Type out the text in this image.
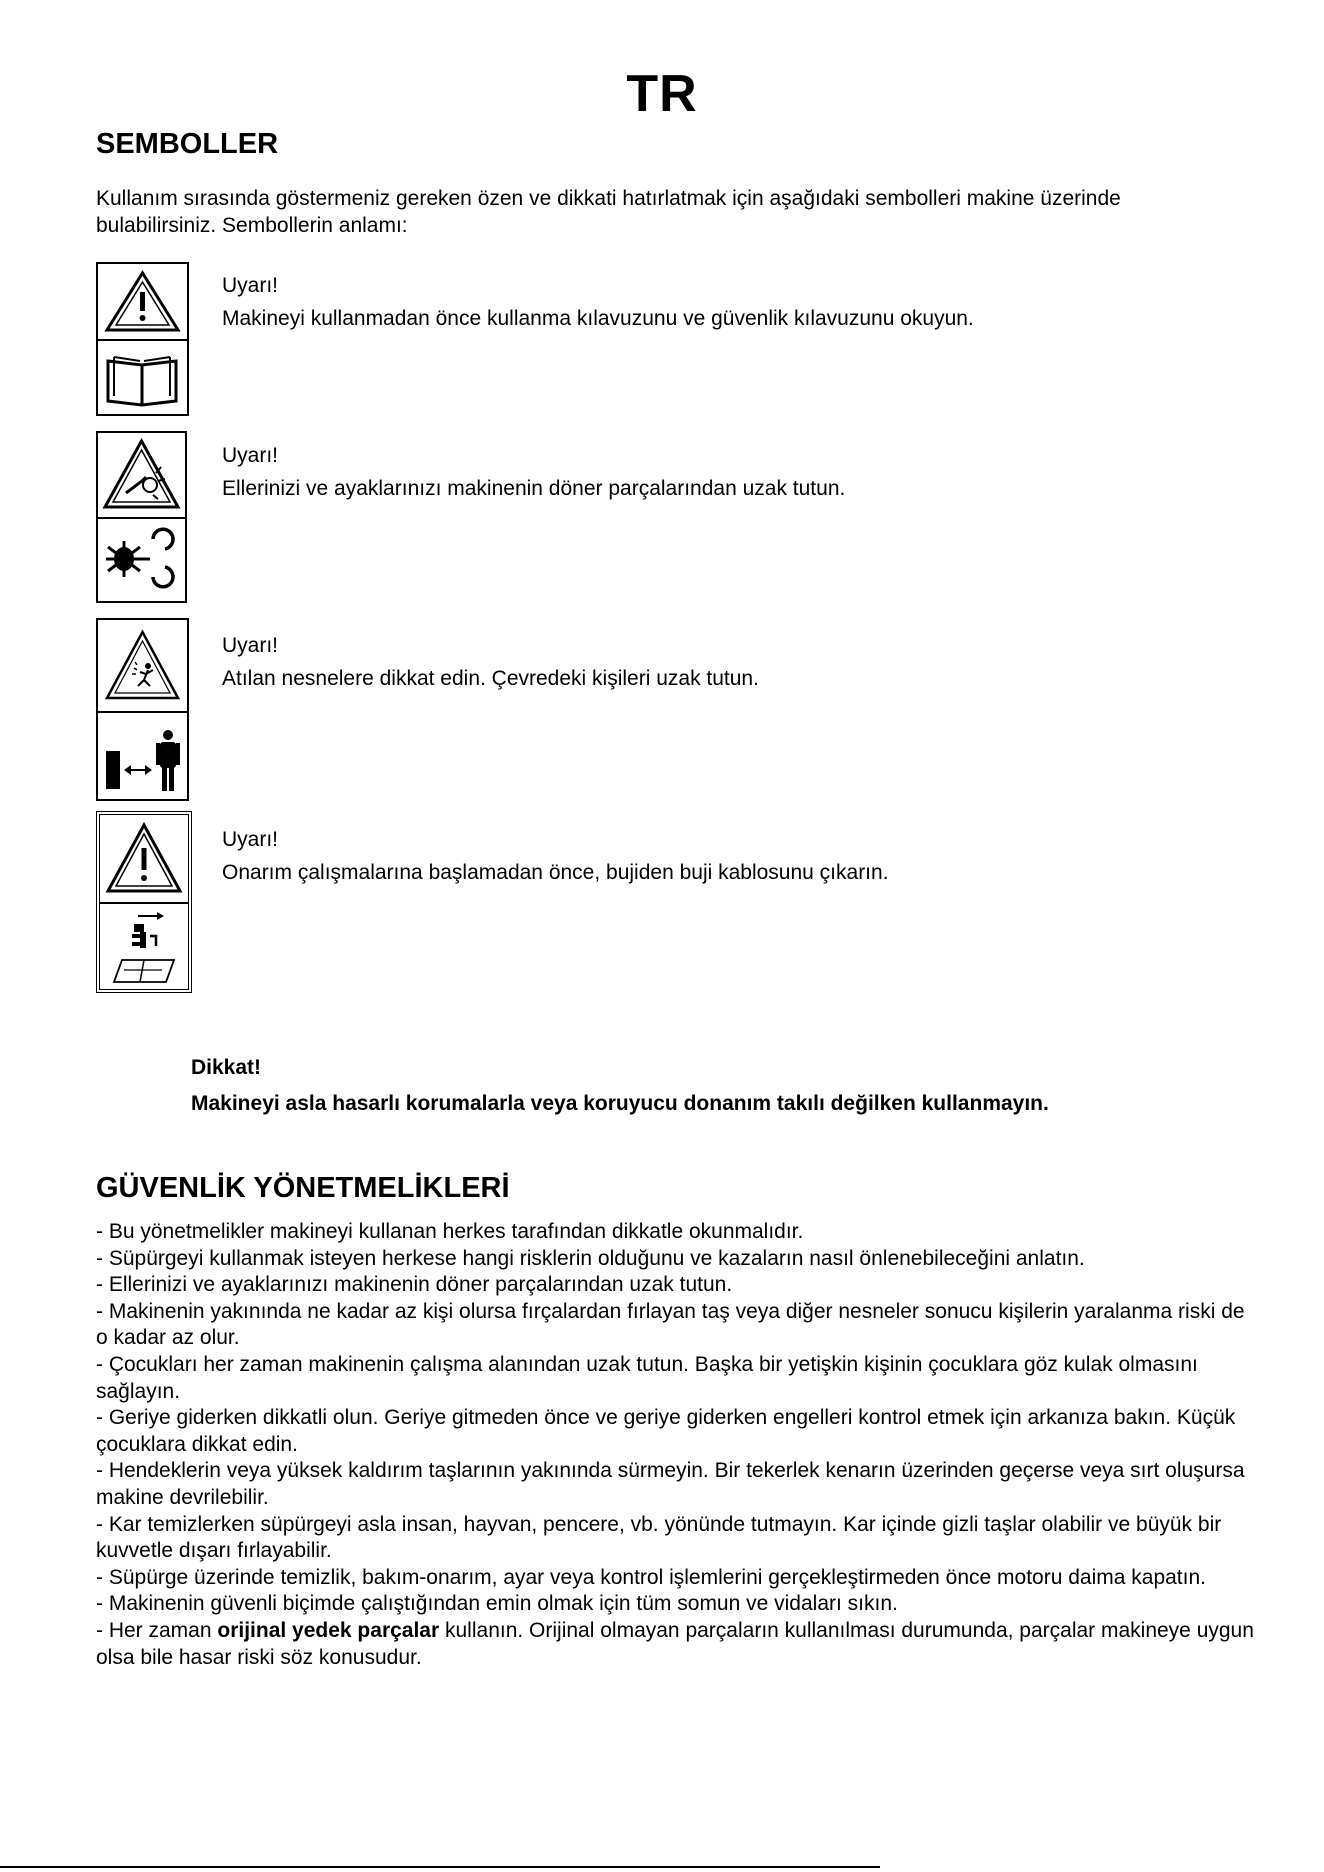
TR
SEMBOLLER

Kullanım sırasında göstermeniz gereken özen ve dikkati hatırlatmak için aşağıdaki sembolleri makine üzerinde bulabilirsiniz. Sembollerin anlamı:

Uyarı!
Makineyi kullanmadan önce kullanma kılavuzunu ve güvenlik kılavuzunu okuyun.
Uyarı!
Ellerinizi ve ayaklarınızı makinenin döner parçalarından uzak tutun.
Uyarı!
Atılan nesnelere dikkat edin. Çevredeki kişileri uzak tutun.
Uyarı!
Onarım çalışmalarına başlamadan önce, bujiden buji kablosunu çıkarın.
Dikkat!
Makineyi asla hasarlı korumalarla veya koruyucu donanım takılı değilken kullanmayın.
GÜVENLİK YÖNETMELİKLERİ
- Bu yönetmelikler makineyi kullanan herkes tarafından dikkatle okunmalıdır.
- Süpürgeyi kullanmak isteyen herkese hangi risklerin olduğunu ve kazaların nasıl önlenebileceğini anlatın.
- Ellerinizi ve ayaklarınızı makinenin döner parçalarından uzak tutun.
- Makinenin yakınında ne kadar az kişi olursa fırçalardan fırlayan taş veya diğer nesneler sonucu kişilerin yaralanma riski de o kadar az olur.
- Çocukları her zaman makinenin çalışma alanından uzak tutun. Başka bir yetişkin kişinin çocuklara göz kulak olmasını sağlayın.
- Geriye giderken dikkatli olun. Geriye gitmeden önce ve geriye giderken engelleri kontrol etmek için arkanıza bakın. Küçük çocuklara dikkat edin.
- Hendeklerin veya yüksek kaldırım taşlarının yakınında sürmeyin. Bir tekerlek kenarın üzerinden geçerse veya sırt oluşursa makine devrilebilir.
- Kar temizlerken süpürgeyi asla insan, hayvan, pencere, vb. yönünde tutmayın. Kar içinde gizli taşlar olabilir ve büyük bir kuvvetle dışarı fırlayabilir.
- Süpürge üzerinde temizlik, bakım-onarım, ayar veya kontrol işlemlerini gerçekleştirmeden önce motoru daima kapatın.
- Makinenin güvenli biçimde çalıştığından emin olmak için tüm somun ve vidaları sıkın.
- Her zaman orijinal yedek parçalar kullanın. Orijinal olmayan parçaların kullanılması durumunda, parçalar makineye uygun olsa bile hasar riski söz konusudur.
